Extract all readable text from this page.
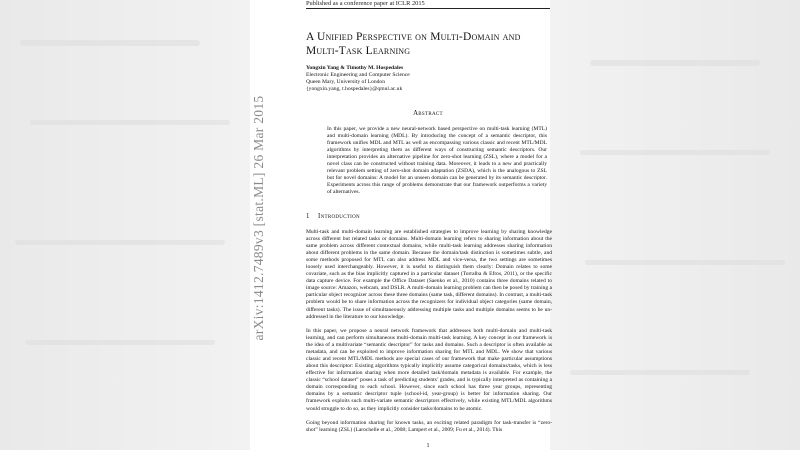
arXiv:1412.7489v3 [stat.ML] 26 Mar 2015
Published as a conference paper at ICLR 2015
A Unified Perspective on Multi-Domain and
Multi-Task Learning
Yongxin Yang & Timothy M. Hospedales
Electronic Engineering and Computer Science
Queen Mary, University of London
{yongxin.yang, t.hospedales}@qmul.ac.uk
Abstract
In this paper, we provide a new neural-network based perspective on multi-task learning (MTL) and multi-domain learning (MDL). By introducing the concept of a semantic descriptor, this framework unifies MDL and MTL as well as encompassing various classic and recent MTL/MDL algorithms by interpreting them as different ways of constructing semantic descriptors. Our interpretation provides an alternative pipeline for zero-shot learning (ZSL), where a model for a novel class can be constructed without training data. Moreover, it leads to a new and practically relevant problem setting of zero-shot domain adaptation (ZSDA), which is the analogous to ZSL but for novel domains: A model for an unseen domain can be generated by its semantic descriptor. Experiments across this range of problems demonstrate that our framework outperforms a variety of alternatives.
1 Introduction
Multi-task and multi-domain learning are established strategies to improve learning by sharing knowledge across different but related tasks or domains. Multi-domain learning refers to sharing information about the same problem across different contextual domains, while multi-task learning addresses sharing information about different problems in the same domain. Because the domain/task distinction is sometimes subtle, and some methods proposed for MTL can also address MDL and vice-versa, the two settings are sometimes loosely used interchangeably. However, it is useful to distinguish them clearly: Domain relates to some covariate, such as the bias implicitly captured in a particular dataset (Torralba & Efros, 2011), or the specific data capture device. For example the Office Dataset (Saenko et al., 2010) contains three domains related to image source: Amazon, webcam, and DSLR. A multi-domain learning problem can then be posed by training a particular object recognizer across these three domains (same task, different domains). In contrast, a multi-task problem would be to share information across the recognizers for individual object categories (same domain, different tasks). The issue of simultaneously addressing multiple tasks and multiple domains seems to be un-addressed in the literature to our knowledge.
In this paper, we propose a neural network framework that addresses both multi-domain and multi-task learning, and can perform simultaneous multi-domain multi-task learning. A key concept in our framework is the idea of a multivariate “semantic descriptor” for tasks and domains. Such a descriptor is often available as metadata, and can be exploited to improve information sharing for MTL and MDL. We show that various classic and recent MTL/MDL methods are special cases of our framework that make particular assumptions about this descriptor: Existing algorithms typically implicitly assume categorical domains/tasks, which is less effective for information sharing when more detailed task/domain metadata is available. For example, the classic “school dataset” poses a task of predicting students’ grades, and is typically interpreted as containing a domain corresponding to each school. However, since each school has three year groups, representing domains by a semantic descriptor tuple (school-id, year-group) is better for information sharing. Our framework exploits such multi-variate semantic descriptors effectively, while existing MTL/MDL algorithms would struggle to do so, as they implicitly consider tasks/domains to be atomic.
Going beyond information sharing for known tasks, an exciting related paradigm for task-transfer is “zero-shot” learning (ZSL) (Larochelle et al., 2008; Lampert et al., 2009; Fu et al., 2014). This
1
